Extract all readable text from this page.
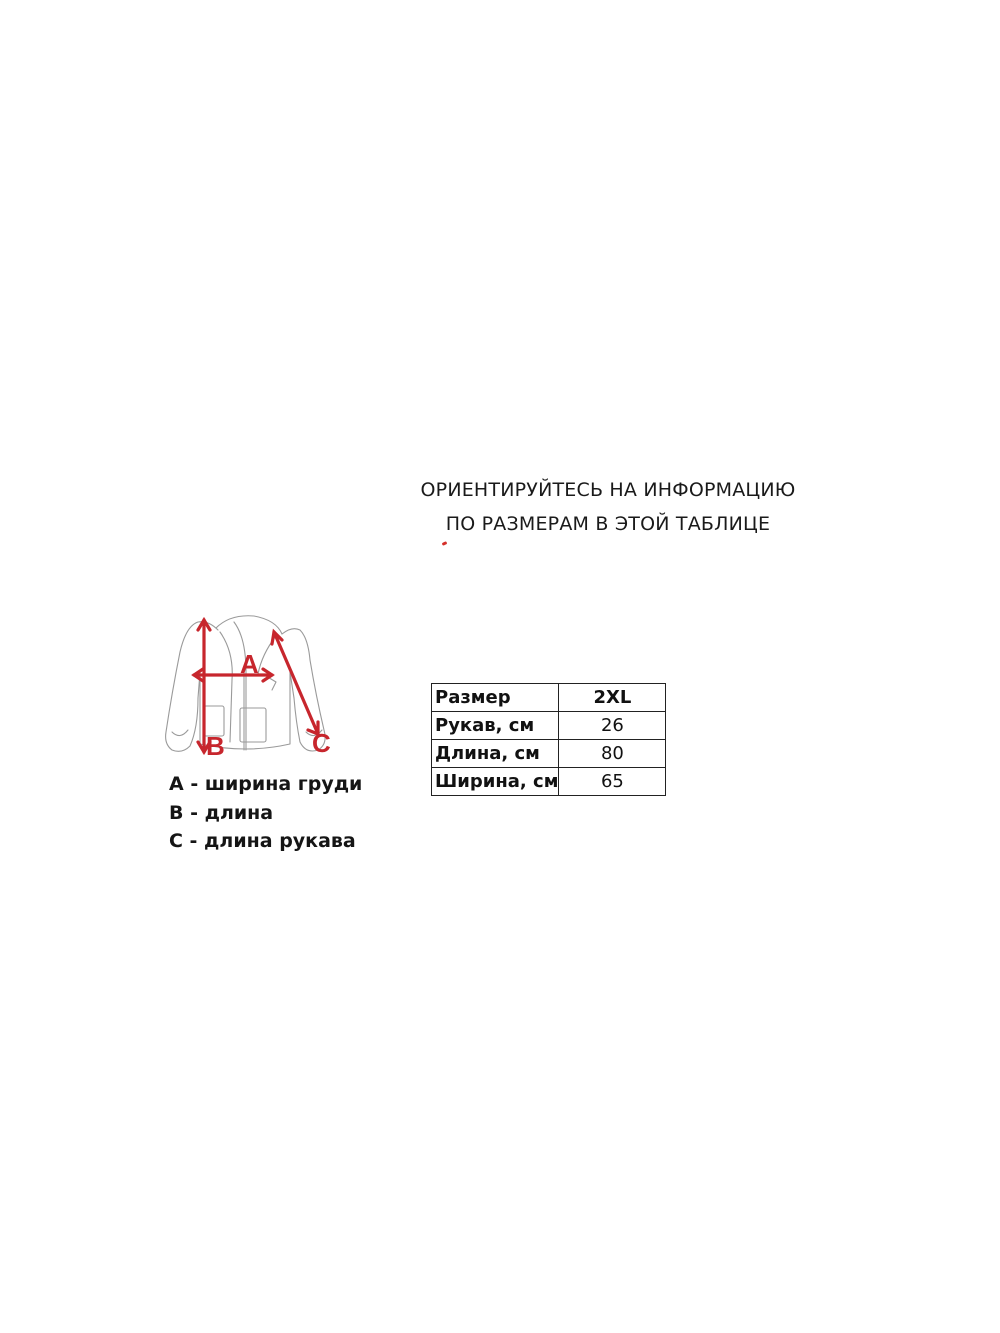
ОРИЕНТИРУЙТЕСЬ НА ИНФОРМАЦИЮ
ПО РАЗМЕРАМ В ЭТОЙ ТАБЛИЦЕ
A
B	C
А - ширина груди
В - длина
С - длина рукава
Размер	2XL
Рукав, см	26
Длина, см	80
Ширина, см	65
